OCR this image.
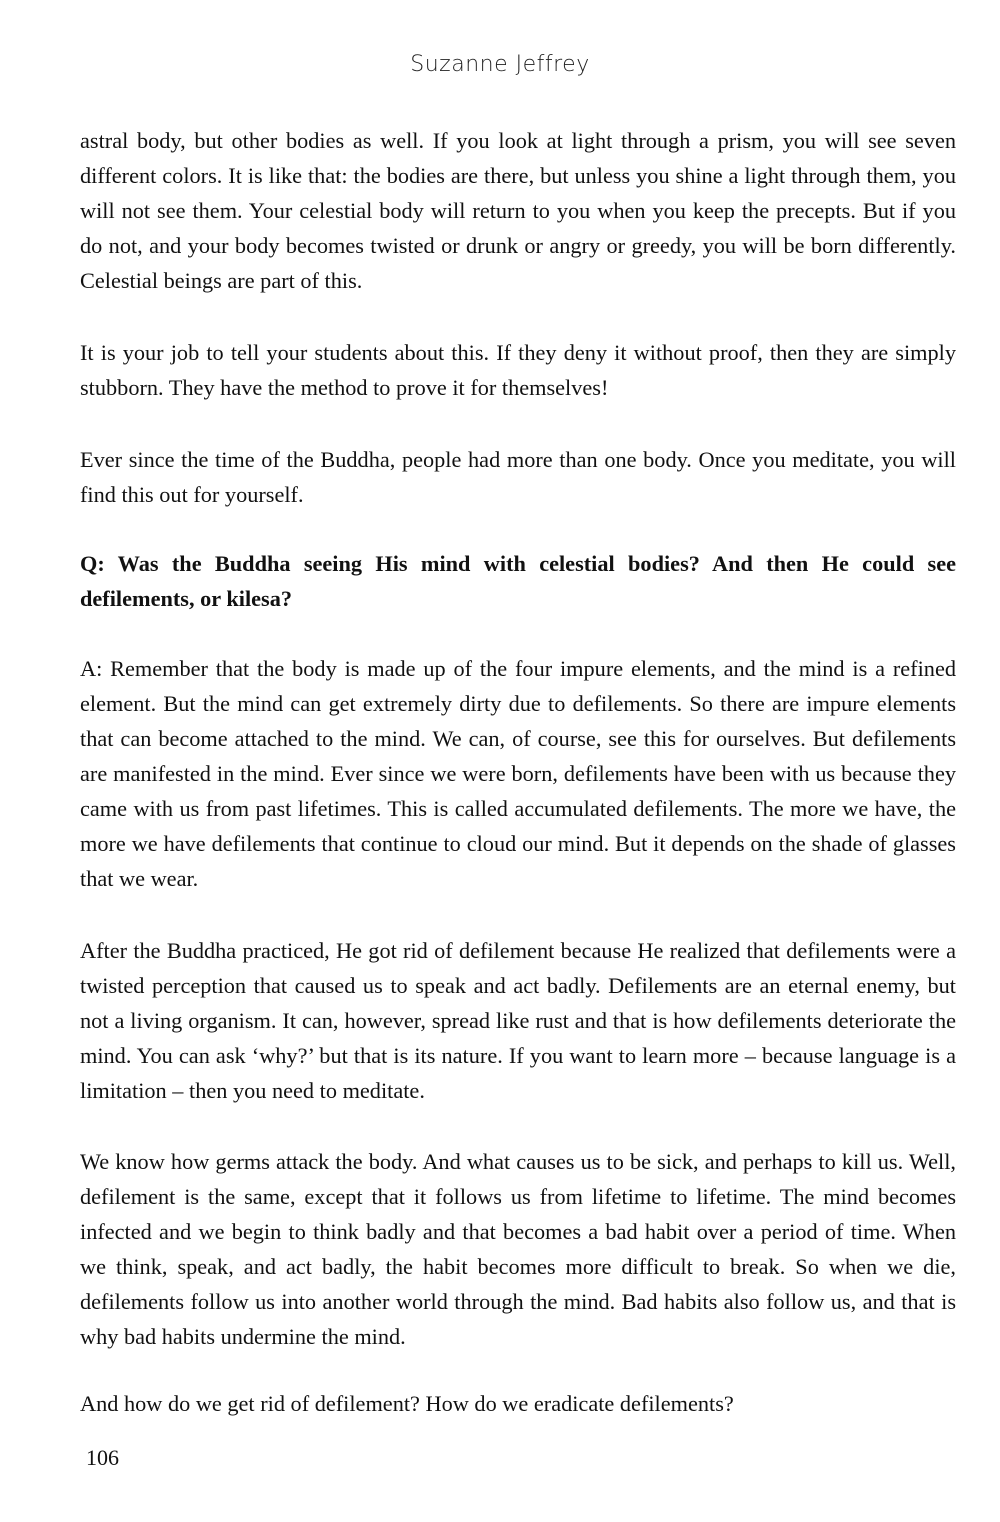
Suzanne Jeffrey

astral body, but other bodies as well. If you look at light through a prism, you will see seven different colors. It is like that: the bodies are there, but unless you shine a light through them, you will not see them. Your celestial body will return to you when you keep the precepts. But if you do not, and your body becomes twisted or drunk or angry or greedy, you will be born differently. Celestial beings are part of this.

It is your job to tell your students about this. If they deny it without proof, then they are simply stubborn. They have the method to prove it for themselves!

Ever since the time of the Buddha, people had more than one body. Once you meditate, you will find this out for yourself.

Q: Was the Buddha seeing His mind with celestial bodies? And then He could see defilements, or kilesa?

A: Remember that the body is made up of the four impure elements, and the mind is a refined element. But the mind can get extremely dirty due to defilements. So there are impure elements that can become attached to the mind. We can, of course, see this for ourselves. But defilements are manifested in the mind. Ever since we were born, defilements have been with us because they came with us from past lifetimes. This is called accumulated defilements. The more we have, the more we have defilements that continue to cloud our mind. But it depends on the shade of glasses that we wear.

After the Buddha practiced, He got rid of defilement because He realized that defilements were a twisted perception that caused us to speak and act badly. Defilements are an eternal enemy, but not a living organism. It can, however, spread like rust and that is how defilements deteriorate the mind. You can ask ‘why?’ but that is its nature. If you want to learn more – because language is a limitation – then you need to meditate.

We know how germs attack the body. And what causes us to be sick, and perhaps to kill us. Well, defilement is the same, except that it follows us from lifetime to lifetime. The mind becomes infected and we begin to think badly and that becomes a bad habit over a period of time. When we think, speak, and act badly, the habit becomes more difficult to break. So when we die, defilements follow us into another world through the mind. Bad habits also follow us, and that is why bad habits undermine the mind.

And how do we get rid of defilement? How do we eradicate defilements?

106
